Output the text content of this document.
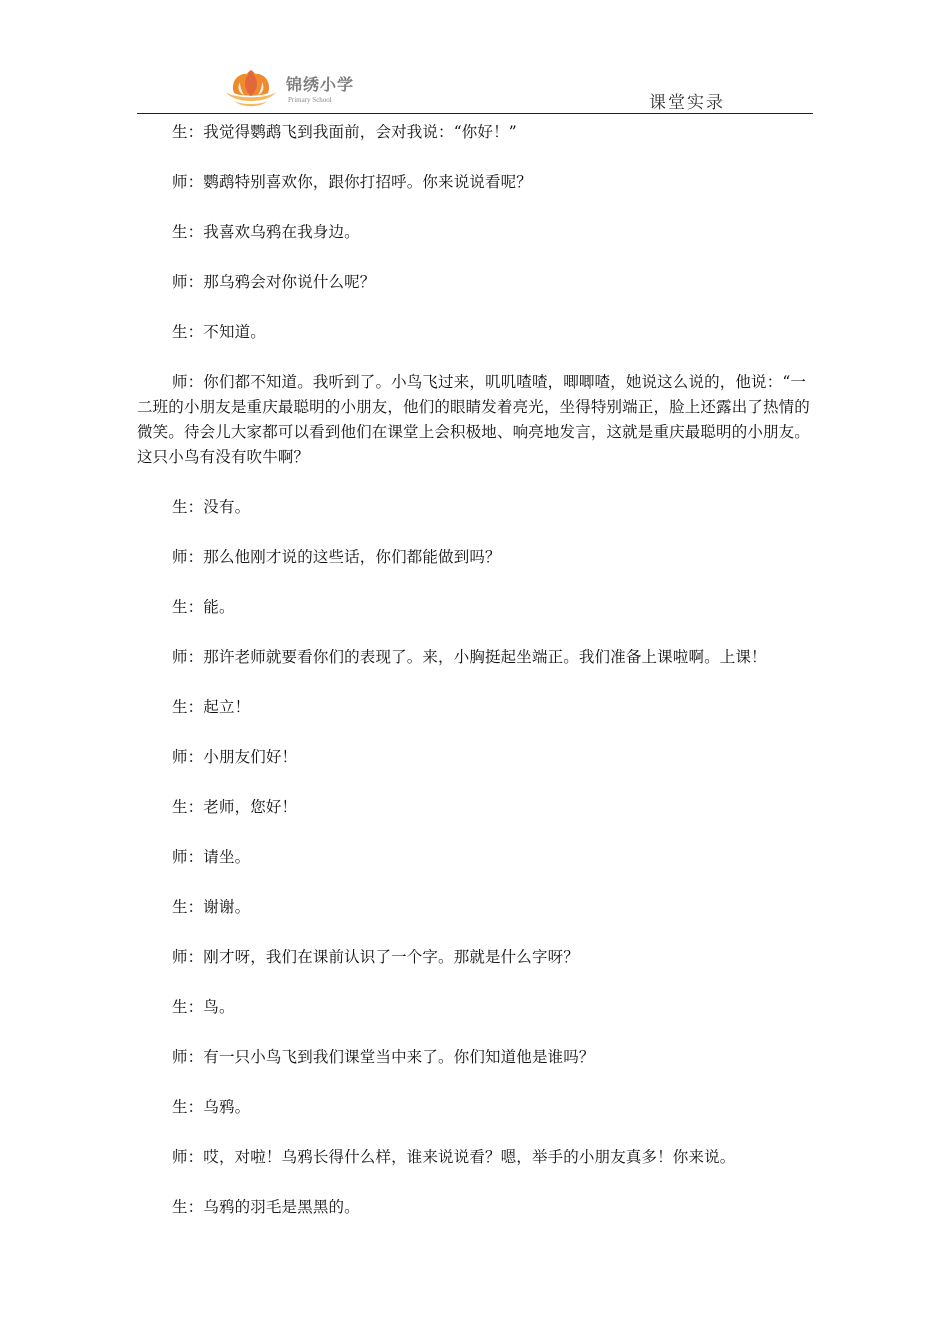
锦绣小学
Primary School	课堂实录

生：我觉得鹦鹉飞到我面前，会对我说：“你好！”

师：鹦鹉特别喜欢你，跟你打招呼。你来说说看呢？

生：我喜欢乌鸦在我身边。

师：那乌鸦会对你说什么呢？

生：不知道。

师：你们都不知道。我听到了。小鸟飞过来，叽叽喳喳，唧唧喳，她说这么说的，他说：“一二班的小朋友是重庆最聪明的小朋友，他们的眼睛发着亮光，坐得特别端正，脸上还露出了热情的微笑。待会儿大家都可以看到他们在课堂上会积极地、响亮地发言，这就是重庆最聪明的小朋友。这只小鸟有没有吹牛啊？

生：没有。

师：那么他刚才说的这些话，你们都能做到吗？

生：能。

师：那许老师就要看你们的表现了。来，小胸挺起坐端正。我们准备上课啦啊。上课！

生：起立！

师：小朋友们好！

生：老师，您好！

师：请坐。

生：谢谢。

师：刚才呀，我们在课前认识了一个字。那就是什么字呀？

生：鸟。

师：有一只小鸟飞到我们课堂当中来了。你们知道他是谁吗？

生：乌鸦。

师：哎，对啦！乌鸦长得什么样，谁来说说看？嗯，举手的小朋友真多！你来说。

生：乌鸦的羽毛是黑黑的。
